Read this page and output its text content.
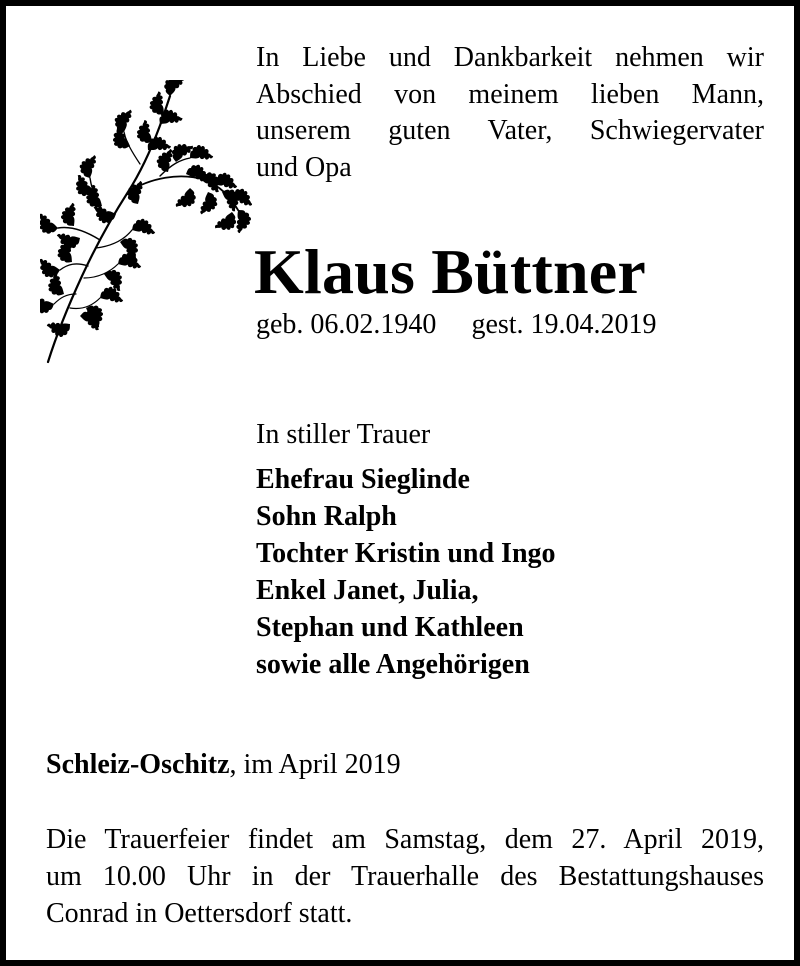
In Liebe und Dankbarkeit nehmen wir
Abschied von meinem lieben Mann,
unserem guten Vater, Schwiegervater
und Opa
Klaus Büttner
geb. 06.02.1940 gest. 19.04.2019
In stiller Trauer
Ehefrau Sieglinde
Sohn Ralph
Tochter Kristin und Ingo
Enkel Janet, Julia,
Stephan und Kathleen
sowie alle Angehörigen
Schleiz-Oschitz, im April 2019
Die Trauerfeier findet am Samstag, dem 27. April 2019,
um 10.00 Uhr in der Trauerhalle des Bestattungshauses
Conrad in Oettersdorf statt.
